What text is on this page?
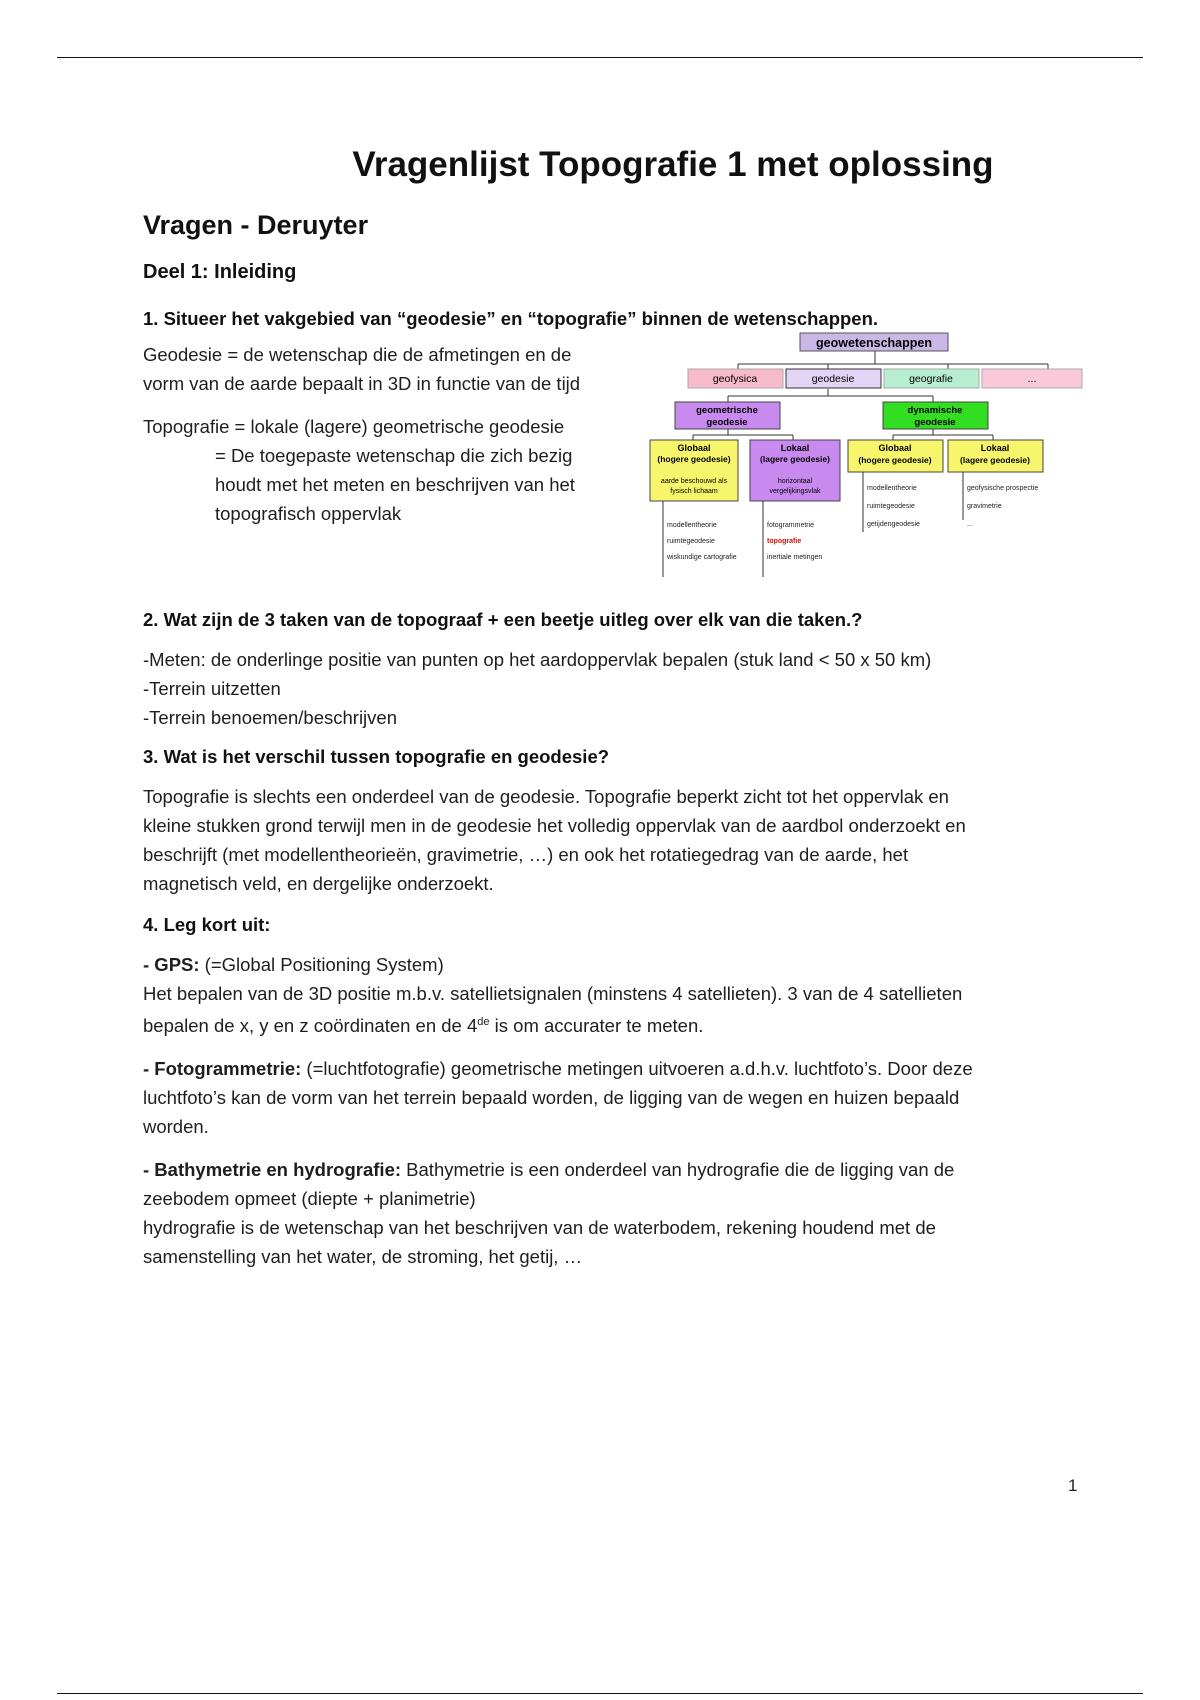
Vragenlijst Topografie 1 met oplossing
Vragen - Deruyter
Deel 1: Inleiding
1. Situeer het vakgebied van “geodesie” en “topografie” binnen de wetenschappen.

Geodesie = de wetenschap die de afmetingen en de

vorm van de aarde bepaalt in 3D in functie van de tijd

Topografie = lokale (lagere) geometrische geodesie

= De toegepaste wetenschap die zich bezig

houdt met het meten en beschrijven van het

topografisch oppervlak

geowetenschappen
geofysica	geodesie	geografie	...
geometrische
geodesie
dynamische
geodesie
Globaal
(hogere geodesie)
aarde beschouwd als
fysisch lichaam
Lokaal
(lagere geodesie)
horizontaal
vergelijkingsvlak
Globaal
(hogere geodesie)
Lokaal
(lagere geodesie)
modellentheorie
ruimtegeodesie
wiskundige cartografie
fotogrammetrie
topografie
inertiale metingen
modellentheorie
ruimtegeodesie
getijdengeodesie
geofysische prospectie
gravimetrie
...
2. Wat zijn de 3 taken van de topograaf + een beetje uitleg over elk van die taken.?

-Meten: de onderlinge positie van punten op het aardoppervlak bepalen (stuk land < 50 x 50 km)

-Terrein uitzetten

-Terrein benoemen/beschrijven

3. Wat is het verschil tussen topografie en geodesie?

Topografie is slechts een onderdeel van de geodesie. Topografie beperkt zicht tot het oppervlak en

kleine stukken grond terwijl men in de geodesie het volledig oppervlak van de aardbol onderzoekt en

beschrijft (met modellentheorieën, gravimetrie, …) en ook het rotatiegedrag van de aarde, het

magnetisch veld, en dergelijke onderzoekt.

4. Leg kort uit:

- GPS: (=Global Positioning System)

Het bepalen van de 3D positie m.b.v. satellietsignalen (minstens 4 satellieten). 3 van de 4 satellieten

bepalen de x, y en z coördinaten en de 4de is om accurater te meten.

- Fotogrammetrie: (=luchtfotografie) geometrische metingen uitvoeren a.d.h.v. luchtfoto’s. Door deze

luchtfoto’s kan de vorm van het terrein bepaald worden, de ligging van de wegen en huizen bepaald

worden.

- Bathymetrie en hydrografie: Bathymetrie is een onderdeel van hydrografie die de ligging van de

zeebodem opmeet (diepte + planimetrie)

hydrografie is de wetenschap van het beschrijven van de waterbodem, rekening houdend met de

samenstelling van het water, de stroming, het getij, …

1
